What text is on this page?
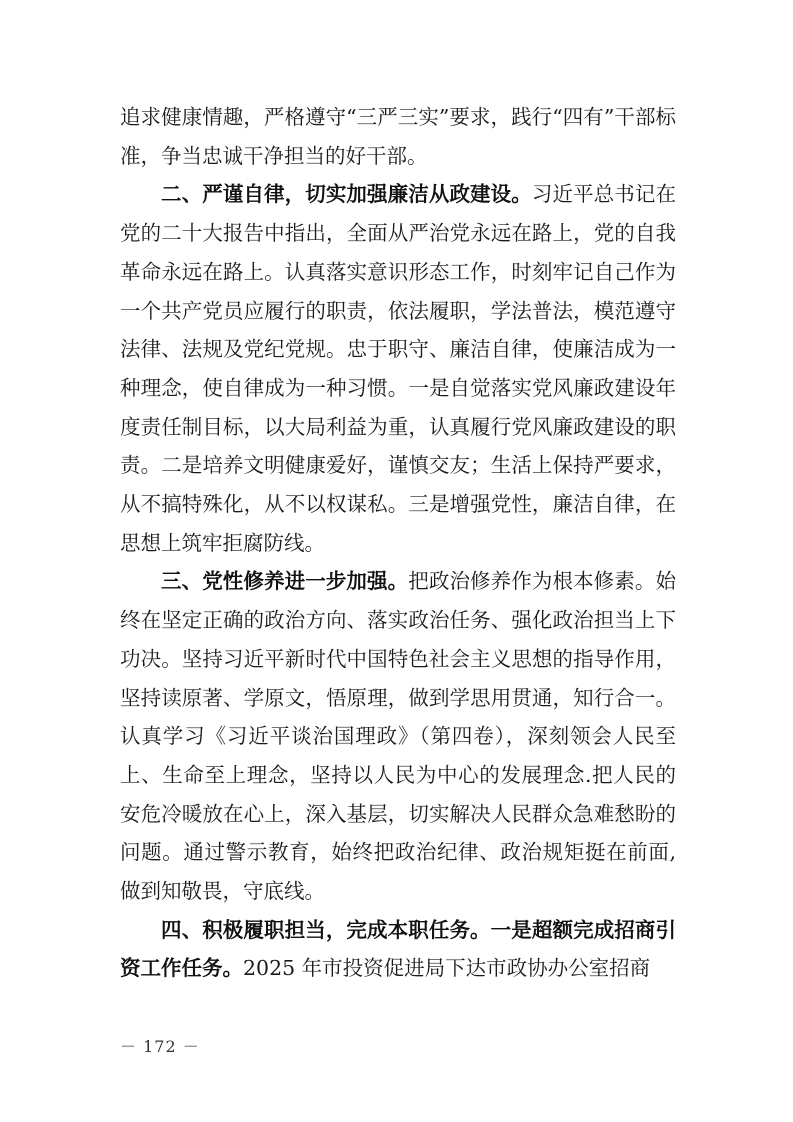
追求健康情趣，严格遵守“三严三实”要求，践行“四有”干部标准，争当忠诚干净担当的好干部。

二、严谨自律，切实加强廉洁从政建设。习近平总书记在党的二十大报告中指出，全面从严治党永远在路上，党的自我革命永远在路上。认真落实意识形态工作，时刻牢记自己作为一个共产党员应履行的职责，依法履职，学法普法，模范遵守法律、法规及党纪党规。忠于职守、廉洁自律，使廉洁成为一种理念，使自律成为一种习惯。一是自觉落实党风廉政建设年度责任制目标，以大局利益为重，认真履行党风廉政建设的职责。二是培养文明健康爱好，谨慎交友；生活上保持严要求，从不搞特殊化，从不以权谋私。三是增强党性，廉洁自律，在思想上筑牢拒腐防线。

三、党性修养进一步加强。把政治修养作为根本修素。始终在坚定正确的政治方向、落实政治任务、强化政治担当上下功决。坚持习近平新时代中国特色社会主义思想的指导作用，坚持读原著、学原文，悟原理，做到学思用贯通，知行合一。认真学习《习近平谈治国理政》（第四卷），深刻领会人民至上、生命至上理念，坚持以人民为中心的发展理念.把人民的安危冷暖放在心上，深入基层，切实解决人民群众急难愁盼的问题。通过警示教育，始终把政治纪律、政治规矩挺在前面,做到知敬畏，守底线。

四、积极履职担当，完成本职任务。一是超额完成招商引资工作任务。2025 年市投资促进局下达市政协办公室招商

－ 172 －
